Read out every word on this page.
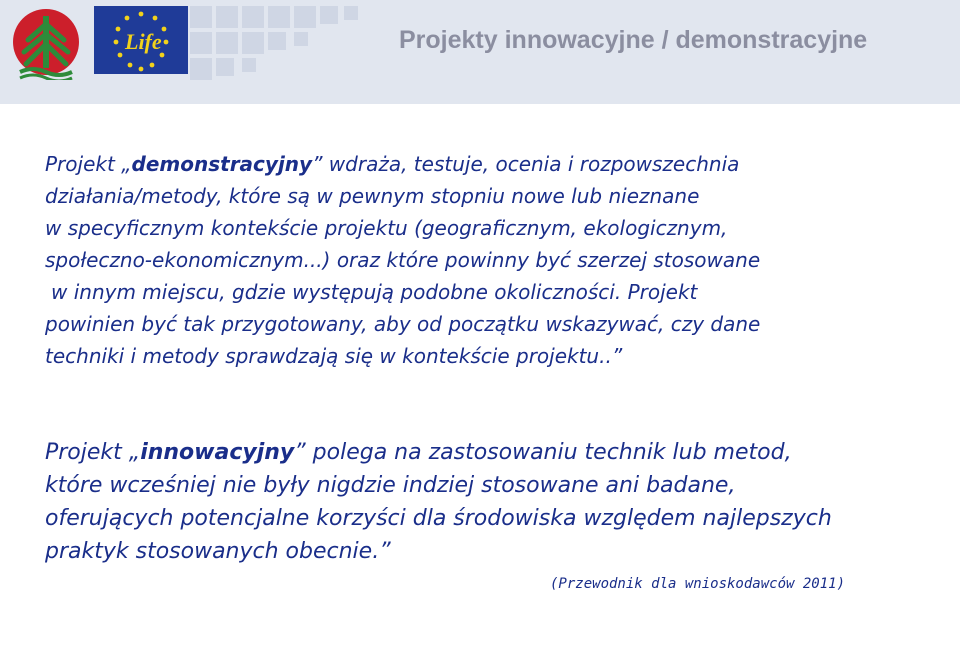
Life	Projekty innowacyjne / demonstracyjne
Projekt „demonstracyjny” wdraża, testuje, ocenia i rozpowszechnia
działania/metody, które są w pewnym stopniu nowe lub nieznane
w specyficznym kontekście projektu (geograficznym, ekologicznym,
społeczno-ekonomicznym...) oraz które powinny być szerzej stosowane
w innym miejscu, gdzie występują podobne okoliczności. Projekt
powinien być tak przygotowany, aby od początku wskazywać, czy dane
techniki i metody sprawdzają się w kontekście projektu..”
Projekt „innowacyjny” polega na zastosowaniu technik lub metod,
które wcześniej nie były nigdzie indziej stosowane ani badane,
oferujących potencjalne korzyści dla środowiska względem najlepszych
praktyk stosowanych obecnie.”
(Przewodnik dla wnioskodawców 2011)
